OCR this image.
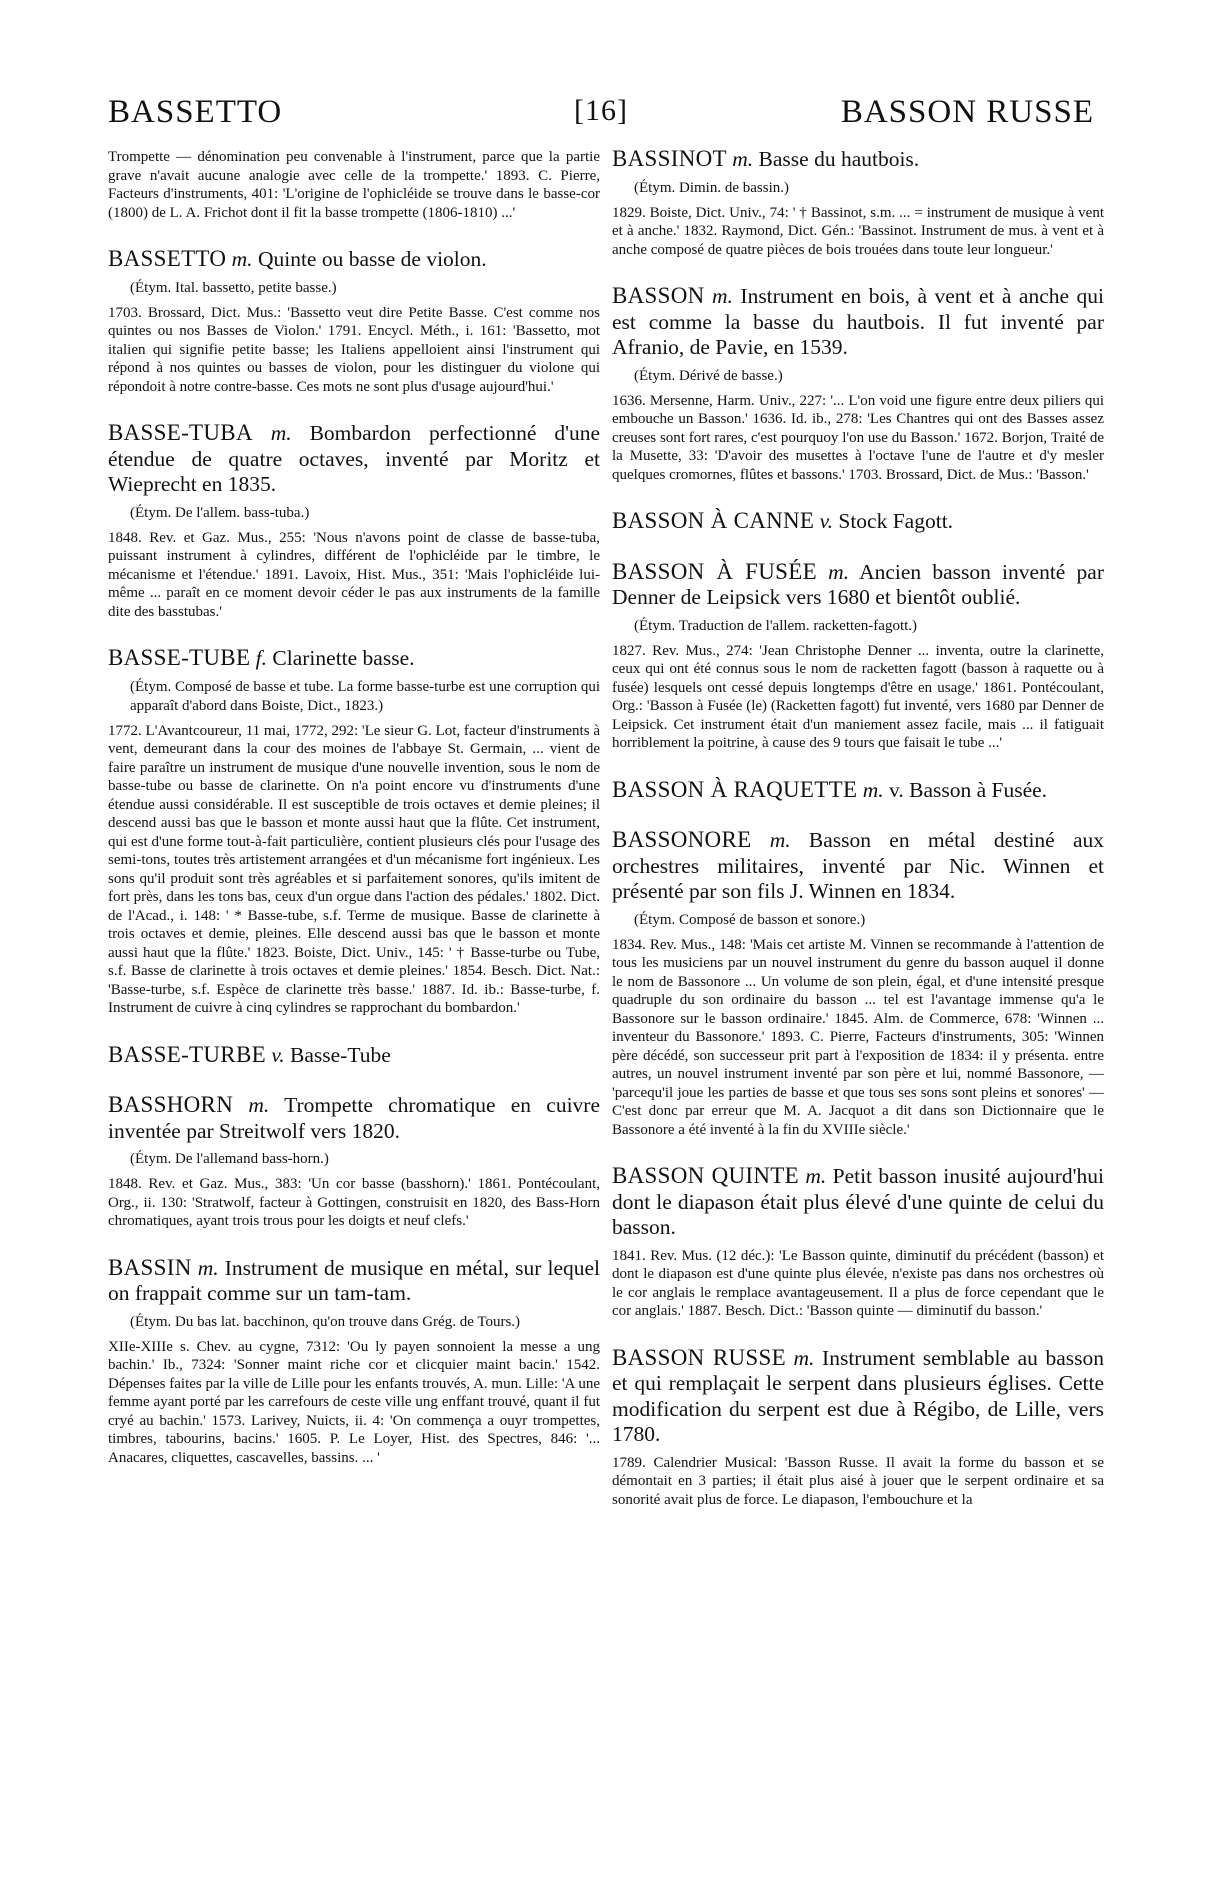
[16]
BASSETTO	BASSON RUSSE

Trompette — dénomination peu convenable à l'instrument, parce que la partie grave n'avait aucune analogie avec celle de la trompette.' 1893. C. Pierre, Facteurs d'instruments, 401: 'L'origine de l'ophicléide se trouve dans le basse-cor (1800) de L. A. Frichot dont il fit la basse trompette (1806-1810) ...'

BASSETTO m. Quinte ou basse de violon.

(Étym. Ital. bassetto, petite basse.)

1703. Brossard, Dict. Mus.: 'Bassetto veut dire Petite Basse. C'est comme nos quintes ou nos Basses de Violon.' 1791. Encycl. Méth., i. 161: 'Bassetto, mot italien qui signifie petite basse; les Italiens appelloient ainsi l'instrument qui répond à nos quintes ou basses de violon, pour les distinguer du violone qui répondoit à notre contre-basse. Ces mots ne sont plus d'usage aujourd'hui.'

BASSE-TUBA m. Bombardon perfectionné d'une étendue de quatre octaves, inventé par Moritz et Wieprecht en 1835.

(Étym. De l'allem. bass-tuba.)

1848. Rev. et Gaz. Mus., 255: 'Nous n'avons point de classe de basse-tuba, puissant instrument à cylindres, différent de l'ophicléide par le timbre, le mécanisme et l'étendue.' 1891. Lavoix, Hist. Mus., 351: 'Mais l'ophicléide lui-même ... paraît en ce moment devoir céder le pas aux instruments de la famille dite des basstubas.'

BASSE-TUBE f. Clarinette basse.

(Étym. Composé de basse et tube. La forme basse-turbe est une corruption qui apparaît d'abord dans Boiste, Dict., 1823.)

1772. L'Avantcoureur, 11 mai, 1772, 292: 'Le sieur G. Lot, facteur d'instruments à vent, demeurant dans la cour des moines de l'abbaye St. Germain, ... vient de faire paraître un instrument de musique d'une nouvelle invention, sous le nom de basse-tube ou basse de clarinette. On n'a point encore vu d'instruments d'une étendue aussi considérable. Il est susceptible de trois octaves et demie pleines; il descend aussi bas que le basson et monte aussi haut que la flûte. Cet instrument, qui est d'une forme tout-à-fait particulière, contient plusieurs clés pour l'usage des semi-tons, toutes très artistement arrangées et d'un mécanisme fort ingénieux. Les sons qu'il produit sont très agréables et si parfaitement sonores, qu'ils imitent de fort près, dans les tons bas, ceux d'un orgue dans l'action des pédales.' 1802. Dict. de l'Acad., i. 148: ' * Basse-tube, s.f. Terme de musique. Basse de clarinette à trois octaves et demie, pleines. Elle descend aussi bas que le basson et monte aussi haut que la flûte.' 1823. Boiste, Dict. Univ., 145: ' † Basse-turbe ou Tube, s.f. Basse de clarinette à trois octaves et demie pleines.' 1854. Besch. Dict. Nat.: 'Basse-turbe, s.f. Espèce de clarinette très basse.' 1887. Id. ib.: Basse-turbe, f. Instrument de cuivre à cinq cylindres se rapprochant du bombardon.'

BASSE-TURBE v. Basse-Tube

BASSHORN m. Trompette chromatique en cuivre inventée par Streitwolf vers 1820.

(Étym. De l'allemand bass-horn.)

1848. Rev. et Gaz. Mus., 383: 'Un cor basse (basshorn).' 1861. Pontécoulant, Org., ii. 130: 'Stratwolf, facteur à Gottingen, construisit en 1820, des Bass-Horn chromatiques, ayant trois trous pour les doigts et neuf clefs.'

BASSIN m. Instrument de musique en métal, sur lequel on frappait comme sur un tam-tam.

(Étym. Du bas lat. bacchinon, qu'on trouve dans Grég. de Tours.)

XIIe-XIIIe s. Chev. au cygne, 7312: 'Ou ly payen sonnoient la messe a ung bachin.' Ib., 7324: 'Sonner maint riche cor et clicquier maint bacin.' 1542. Dépenses faites par la ville de Lille pour les enfants trouvés, A. mun. Lille: 'A une femme ayant porté par les carrefours de ceste ville ung enffant trouvé, quant il fut cryé au bachin.' 1573. Larivey, Nuicts, ii. 4: 'On commença a ouyr trompettes, timbres, tabourins, bacins.' 1605. P. Le Loyer, Hist. des Spectres, 846: '... Anacares, cliquettes, cascavelles, bassins. ... '

BASSINOT m. Basse du hautbois.

(Étym. Dimin. de bassin.)

1829. Boiste, Dict. Univ., 74: ' † Bassinot, s.m. ... = instrument de musique à vent et à anche.' 1832. Raymond, Dict. Gén.: 'Bassinot. Instrument de mus. à vent et à anche composé de quatre pièces de bois trouées dans toute leur longueur.'

BASSON m. Instrument en bois, à vent et à anche qui est comme la basse du hautbois. Il fut inventé par Afranio, de Pavie, en 1539.

(Étym. Dérivé de basse.)

1636. Mersenne, Harm. Univ., 227: '... L'on void une figure entre deux piliers qui embouche un Basson.' 1636. Id. ib., 278: 'Les Chantres qui ont des Basses assez creuses sont fort rares, c'est pourquoy l'on use du Basson.' 1672. Borjon, Traité de la Musette, 33: 'D'avoir des musettes à l'octave l'une de l'autre et d'y mesler quelques cromornes, flûtes et bassons.' 1703. Brossard, Dict. de Mus.: 'Basson.'

BASSON À CANNE v. Stock Fagott.

BASSON À FUSÉE m. Ancien basson inventé par Denner de Leipsick vers 1680 et bientôt oublié.

(Étym. Traduction de l'allem. racketten-fagott.)

1827. Rev. Mus., 274: 'Jean Christophe Denner ... inventa, outre la clarinette, ceux qui ont été connus sous le nom de racketten fagott (basson à raquette ou à fusée) lesquels ont cessé depuis longtemps d'être en usage.' 1861. Pontécoulant, Org.: 'Basson à Fusée (le) (Racketten fagott) fut inventé, vers 1680 par Denner de Leipsick. Cet instrument était d'un maniement assez facile, mais ... il fatiguait horriblement la poitrine, à cause des 9 tours que faisait le tube ...'

BASSON À RAQUETTE m. v. Basson à Fusée.

BASSONORE m. Basson en métal destiné aux orchestres militaires, inventé par Nic. Winnen et présenté par son fils J. Winnen en 1834.

(Étym. Composé de basson et sonore.)

1834. Rev. Mus., 148: 'Mais cet artiste M. Vinnen se recommande à l'attention de tous les musiciens par un nouvel instrument du genre du basson auquel il donne le nom de Bassonore ... Un volume de son plein, égal, et d'une intensité presque quadruple du son ordinaire du basson ... tel est l'avantage immense qu'a le Bassonore sur le basson ordinaire.' 1845. Alm. de Commerce, 678: 'Winnen ... inventeur du Bassonore.' 1893. C. Pierre, Facteurs d'instruments, 305: 'Winnen père décédé, son successeur prit part à l'exposition de 1834: il y présenta. entre autres, un nouvel instrument inventé par son père et lui, nommé Bassonore, — 'parcequ'il joue les parties de basse et que tous ses sons sont pleins et sonores' — C'est donc par erreur que M. A. Jacquot a dit dans son Dictionnaire que le Bassonore a été inventé à la fin du XVIIIe siècle.'

BASSON QUINTE m. Petit basson inusité aujourd'hui dont le diapason était plus élevé d'une quinte de celui du basson.

1841. Rev. Mus. (12 déc.): 'Le Basson quinte, diminutif du précédent (basson) et dont le diapason est d'une quinte plus élevée, n'existe pas dans nos orchestres où le cor anglais le remplace avantageusement. Il a plus de force cependant que le cor anglais.' 1887. Besch. Dict.: 'Basson quinte — diminutif du basson.'

BASSON RUSSE m. Instrument semblable au basson et qui remplaçait le serpent dans plusieurs églises. Cette modification du serpent est due à Régibo, de Lille, vers 1780.

1789. Calendrier Musical: 'Basson Russe. Il avait la forme du basson et se démontait en 3 parties; il était plus aisé à jouer que le serpent ordinaire et sa sonorité avait plus de force. Le diapason, l'embouchure et la
